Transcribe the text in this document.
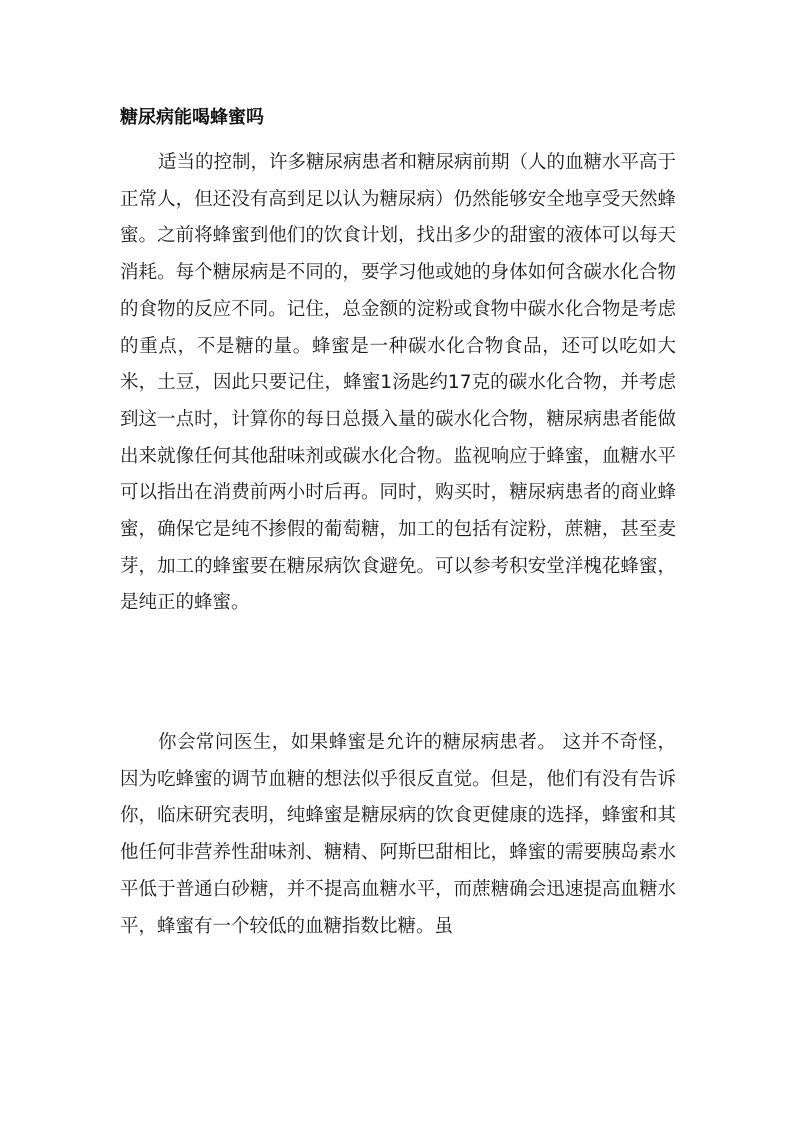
糖尿病能喝蜂蜜吗

适当的控制，许多糖尿病患者和糖尿病前期（人的血糖水平高于正常人，但还没有高到足以认为糖尿病）仍然能够安全地享受天然蜂蜜。之前将蜂蜜到他们的饮食计划，找出多少的甜蜜的液体可以每天消耗。每个糖尿病是不同的，要学习他或她的身体如何含碳水化合物的食物的反应不同。记住，总金额的淀粉或食物中碳水化合物是考虑的重点，不是糖的量。蜂蜜是一种碳水化合物食品，还可以吃如大米，土豆，因此只要记住，蜂蜜1汤匙约17克的碳水化合物，并考虑到这一点时，计算你的每日总摄入量的碳水化合物，糖尿病患者能做出来就像任何其他甜味剂或碳水化合物。监视响应于蜂蜜，血糖水平可以指出在消费前两小时后再。同时，购买时，糖尿病患者的商业蜂蜜，确保它是纯不掺假的葡萄糖，加工的包括有淀粉，蔗糖，甚至麦芽，加工的蜂蜜要在糖尿病饮食避免。可以参考积安堂洋槐花蜂蜜，是纯正的蜂蜜。

你会常问医生，如果蜂蜜是允许的糖尿病患者。 这并不奇怪，因为吃蜂蜜的调节血糖的想法似乎很反直觉。但是，他们有没有告诉你，临床研究表明，纯蜂蜜是糖尿病的饮食更健康的选择，蜂蜜和其他任何非营养性甜味剂、糖精、阿斯巴甜相比，蜂蜜的需要胰岛素水平低于普通白砂糖，并不提高血糖水平，而蔗糖确会迅速提高血糖水平，蜂蜜有一个较低的血糖指数比糖。虽
